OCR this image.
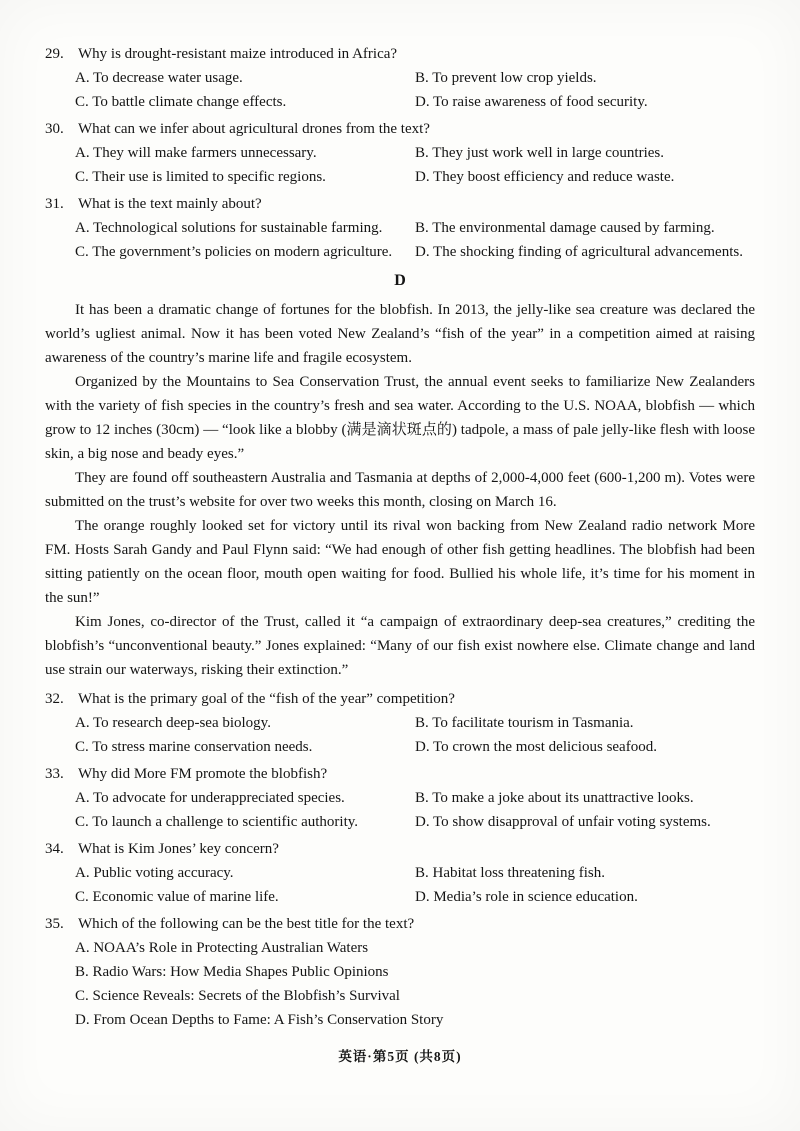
29. Why is drought-resistant maize introduced in Africa?
A. To decrease water usage.	B. To prevent low crop yields.
C. To battle climate change effects.	D. To raise awareness of food security.
30. What can we infer about agricultural drones from the text?
A. They will make farmers unnecessary.	B. They just work well in large countries.
C. Their use is limited to specific regions.	D. They boost efficiency and reduce waste.
31. What is the text mainly about?
A. Technological solutions for sustainable farming.	B. The environmental damage caused by farming.
C. The government’s policies on modern agriculture.	D. The shocking finding of agricultural advancements.
D

It has been a dramatic change of fortunes for the blobfish. In 2013, the jelly-like sea creature was declared the world’s ugliest animal. Now it has been voted New Zealand’s “fish of the year” in a competition aimed at raising awareness of the country’s marine life and fragile ecosystem.

Organized by the Mountains to Sea Conservation Trust, the annual event seeks to familiarize New Zealanders with the variety of fish species in the country’s fresh and sea water. According to the U.S. NOAA, blobfish — which grow to 12 inches (30cm) — “look like a blobby (满是滴状斑点的) tadpole, a mass of pale jelly-like flesh with loose skin, a big nose and beady eyes.”

They are found off southeastern Australia and Tasmania at depths of 2,000-4,000 feet (600-1,200 m). Votes were submitted on the trust’s website for over two weeks this month, closing on March 16.

The orange roughly looked set for victory until its rival won backing from New Zealand radio network More FM. Hosts Sarah Gandy and Paul Flynn said: “We had enough of other fish getting headlines. The blobfish had been sitting patiently on the ocean floor, mouth open waiting for food. Bullied his whole life, it’s time for his moment in the sun!”

Kim Jones, co-director of the Trust, called it “a campaign of extraordinary deep-sea creatures,” crediting the blobfish’s “unconventional beauty.” Jones explained: “Many of our fish exist nowhere else. Climate change and land use strain our waterways, risking their extinction.”

32. What is the primary goal of the “fish of the year” competition?
A. To research deep-sea biology.	B. To facilitate tourism in Tasmania.
C. To stress marine conservation needs.	D. To crown the most delicious seafood.
33. Why did More FM promote the blobfish?
A. To advocate for underappreciated species.	B. To make a joke about its unattractive looks.
C. To launch a challenge to scientific authority.	D. To show disapproval of unfair voting systems.
34. What is Kim Jones’ key concern?
A. Public voting accuracy.	B. Habitat loss threatening fish.
C. Economic value of marine life.	D. Media’s role in science education.
35. Which of the following can be the best title for the text?
A. NOAA’s Role in Protecting Australian Waters
B. Radio Wars: How Media Shapes Public Opinions
C. Science Reveals: Secrets of the Blobfish’s Survival
D. From Ocean Depths to Fame: A Fish’s Conservation Story
英语·第5页 (共8页)
